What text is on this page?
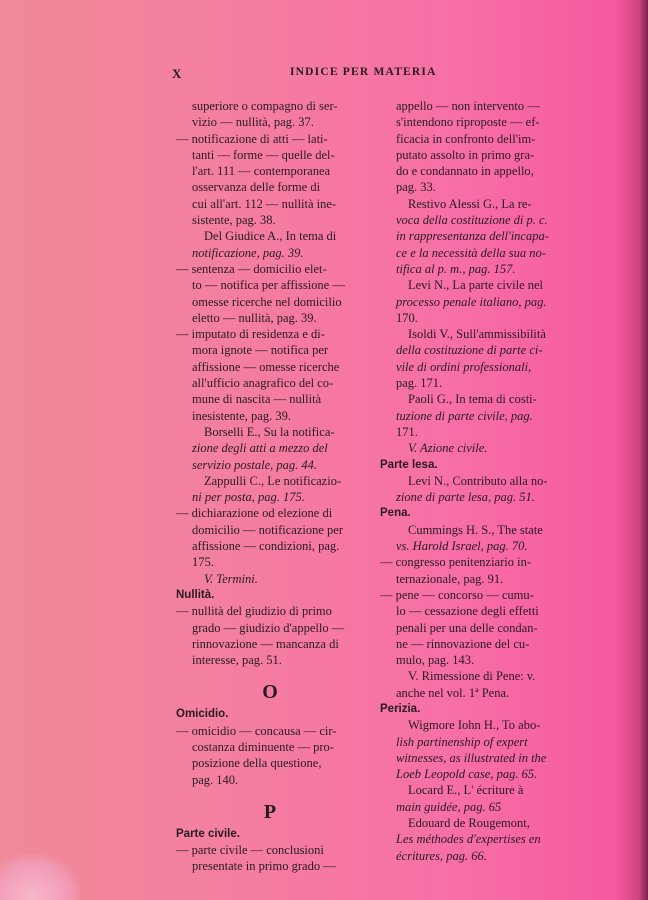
X	INDICE PER MATERIA
superiore o compagno di ser-
vizio — nullità, pag. 37.
— notificazione di atti — lati-
tanti — forme — quelle del-
l'art. 111 — contemporanea
osservanza delle forme di
cui all'art. 112 — nullità ine-
sistente, pag. 38.
Del Giudice A., In tema di
notificazione, pag. 39.
— sentenza — domicilio elet-
to — notifica per affissione —
omesse ricerche nel domicilio
eletto — nullità, pag. 39.
— imputato di residenza e di-
mora ignote — notifica per
affissione — omesse ricerche
all'ufficio anagrafico del co-
mune di nascita — nullità
inesistente, pag. 39.
Borselli E., Su la notifica-
zione degli atti a mezzo del
servizio postale, pag. 44.
Zappulli C., Le notificazio-
ni per posta, pag. 175.
— dichiarazione od elezione di
domicilio — notificazione per
affissione — condizioni, pag.
175.
V. Termini.
Nullità.
— nullità del giudizio di primo
grado — giudizio d'appello —
rinnovazione — mancanza di
interesse, pag. 51.
O
Omicidio.
— omicidio — concausa — cir-
costanza diminuente — pro-
posizione della questione,
pag. 140.
P
Parte civile.
— parte civile — conclusioni
presentate in primo grado —
appello — non intervento —
s'intendono riproposte — ef-
ficacia in confronto dell'im-
putato assolto in primo gra-
do e condannato in appello,
pag. 33.
Restivo Alessi G., La re-
voca della costituzione di p. c.
in rappresentanza dell'incapa-
ce e la necessità della sua no-
tifica al p. m., pag. 157.
Levi N., La parte civile nel
processo penale italiano, pag.
170.
Isoldi V., Sull'ammissibilità
della costituzione di parte ci-
vile di ordini professionali,
pag. 171.
Paoli G., In tema di costi-
tuzione di parte civile, pag.
171.
V. Azione civile.
Parte lesa.
Levi N., Contributo alla no-
zione di parte lesa, pag. 51.
Pena.
Cummings H. S., The state
vs. Harold Israel, pag. 70.
— congresso penitenziario in-
ternazionale, pag. 91.
— pene — concorso — cumu-
lo — cessazione degli effetti
penali per una delle condan-
ne — rinnovazione del cu-
mulo, pag. 143.
V. Rimessione di Pene: v.
anche nel vol. 1ª Pena.
Perizia.
Wigmore Iohn H., To abo-
lish partinenship of expert
witnesses, as illustrated in the
Loeb Leopold case, pag. 65.
Locard E., L' écriture à
main guidée, pag. 65
Edouard de Rougemont,
Les méthodes d'expertises en
écritures, pag. 66.
